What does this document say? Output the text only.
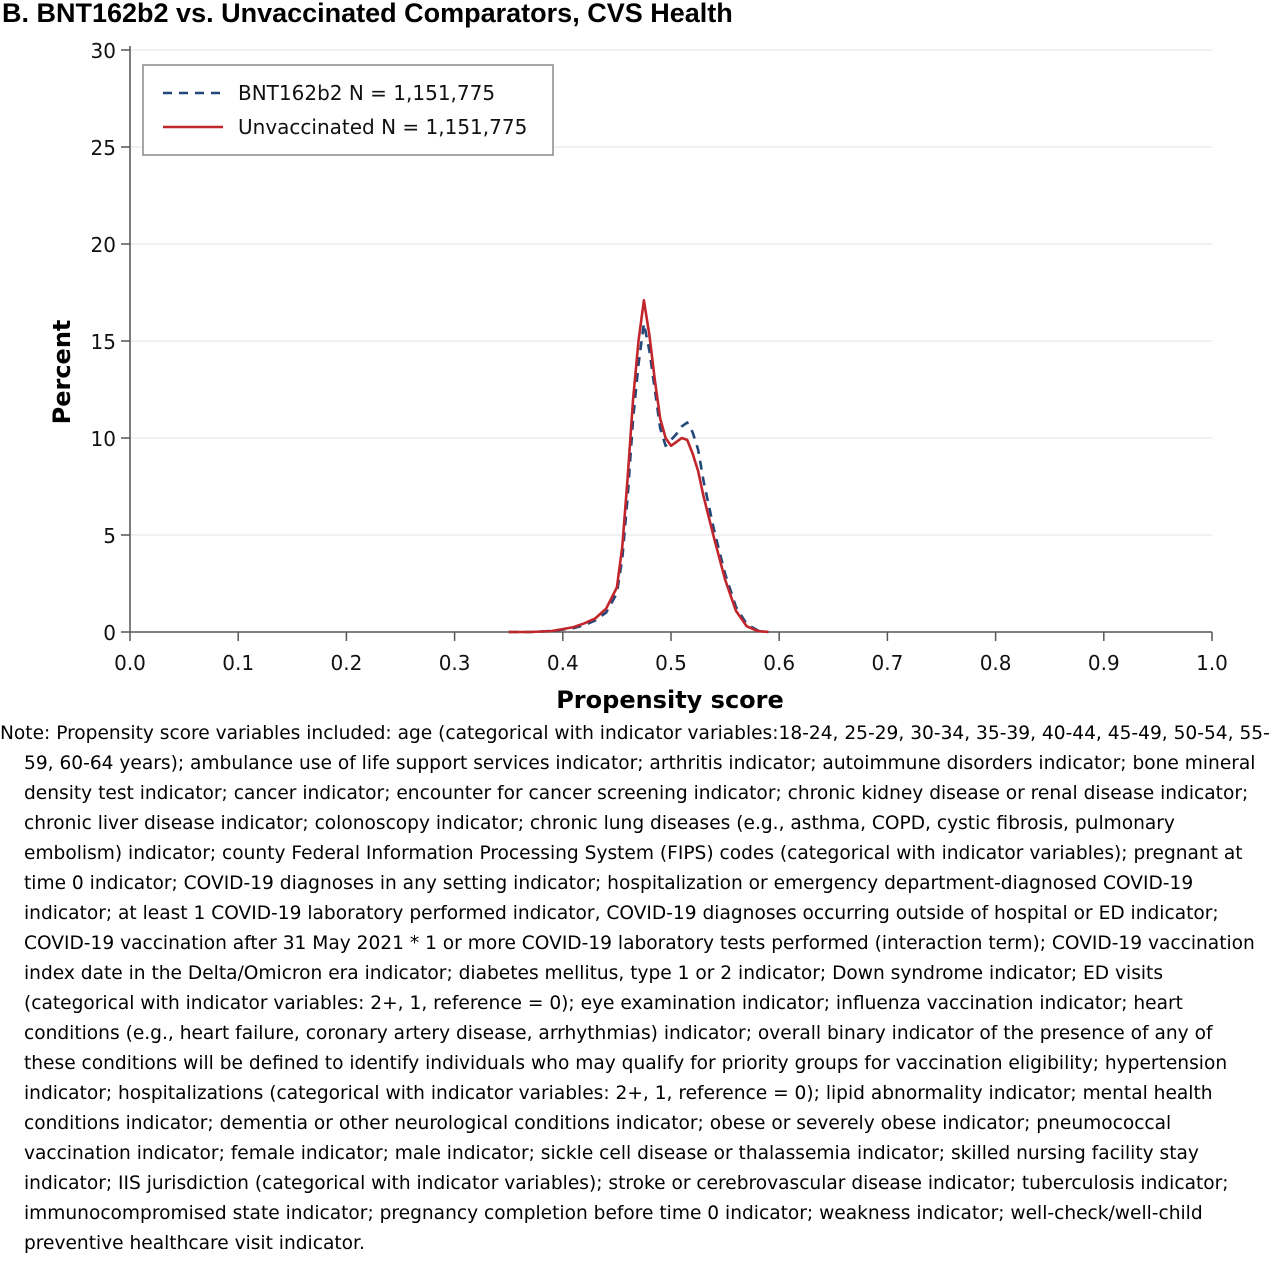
B. BNT162b2 vs. Unvaccinated Comparators, CVS Health
0
5
10
15
20
25
30
0.0	0.1	0.2	0.3	0.4	0.5	0.6	0.7	0.8	0.9	1.0
BNT162b2 N = 1,151,775
Unvaccinated N = 1,151,775
Percent
Propensity score
Note: Propensity score variables included: age (categorical with indicator variables:18-24, 25-29, 30-34, 35-39, 40-44, 45-49, 50-54, 55-59, 60-64 years); ambulance use of life support services indicator; arthritis indicator; autoimmune disorders indicator; bone mineral density test indicator; cancer indicator; encounter for cancer screening indicator; chronic kidney disease or renal disease indicator; chronic liver disease indicator; colonoscopy indicator; chronic lung diseases (e.g., asthma, COPD, cystic fibrosis, pulmonary embolism) indicator; county Federal Information Processing System (FIPS) codes (categorical with indicator variables); pregnant at time 0 indicator; COVID-19 diagnoses in any setting indicator; hospitalization or emergency department-diagnosed COVID-19 indicator; at least 1 COVID-19 laboratory performed indicator, COVID-19 diagnoses occurring outside of hospital or ED indicator; COVID-19 vaccination after 31 May 2021 * 1 or more COVID-19 laboratory tests performed (interaction term); COVID-19 vaccination index date in the Delta/Omicron era indicator; diabetes mellitus, type 1 or 2 indicator; Down syndrome indicator; ED visits (categorical with indicator variables: 2+, 1, reference = 0); eye examination indicator; influenza vaccination indicator; heart conditions (e.g., heart failure, coronary artery disease, arrhythmias) indicator; overall binary indicator of the presence of any of these conditions will be defined to identify individuals who may qualify for priority groups for vaccination eligibility; hypertension indicator; hospitalizations (categorical with indicator variables: 2+, 1, reference = 0); lipid abnormality indicator; mental health conditions indicator; dementia or other neurological conditions indicator; obese or severely obese indicator; pneumococcal vaccination indicator; female indicator; male indicator; sickle cell disease or thalassemia indicator; skilled nursing facility stay indicator; IIS jurisdiction (categorical with indicator variables); stroke or cerebrovascular disease indicator; tuberculosis indicator; immunocompromised state indicator; pregnancy completion before time 0 indicator; weakness indicator; well-check/well-child preventive healthcare visit indicator.
